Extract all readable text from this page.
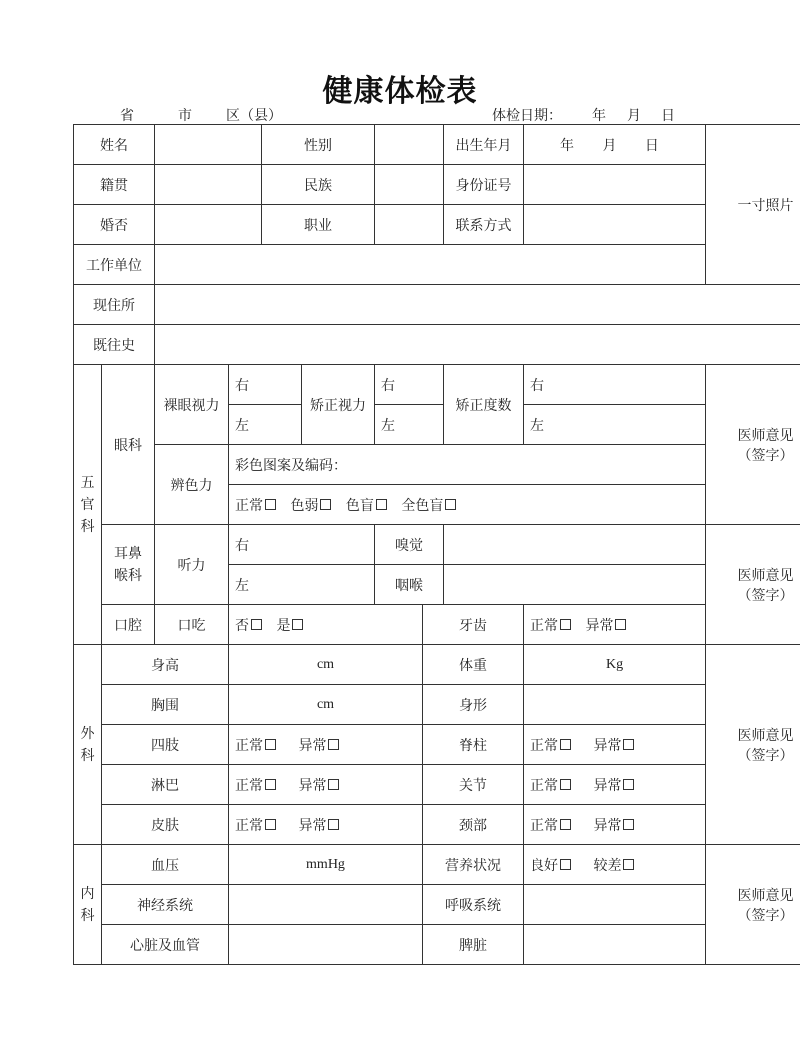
健康体检表
省	市 区（县）	体检日期： 年 月 日
姓名				性别				出生年月	年 月 日	一寸照片
籍贯				民族				身份证号		
婚否				职业				联系方式		
工作单位										
现住所										
既往史										
五
官
科	眼科	裸眼视力	右		矫正视力	右		矫正度数	右	医师意见
（签字）
			左			左			左	
		辨色力	彩色图案及编码：							
			正常 色弱 色盲 全色盲							
	耳鼻
喉科	听力	右			嗅觉				医师意见
（签字）
			左			咽喉				
	口腔	口吃	否 是				牙齿		正常 异常	
外
科	身高		cm				体重		Kg	医师意见
（签字）
	胸围		cm				身形			
	四肢		正常 异常				脊柱		正常 异常	
	淋巴		正常 异常				关节		正常 异常	
	皮肤		正常 异常				颈部		正常 异常	
内
科	血压		mmHg				营养状况		良好 较差	医师意见
（签字）
	神经系统						呼吸系统			
	心脏及血管						脾脏			
